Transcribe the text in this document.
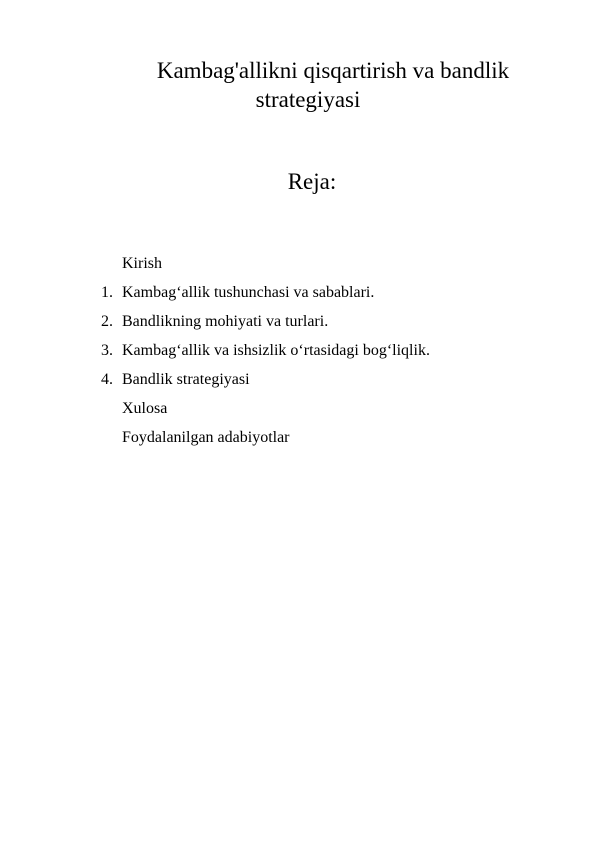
Kambag'allikni qisqartirish va bandlik
strategiyasi
Reja:
Kirish
1. Kambag‘allik tushunchasi va sabablari.
2. Bandlikning mohiyati va turlari.
3. Kambag‘allik va ishsizlik o‘rtasidagi bog‘liqlik.
4. Bandlik strategiyasi
Xulosa
Foydalanilgan adabiyotlar
